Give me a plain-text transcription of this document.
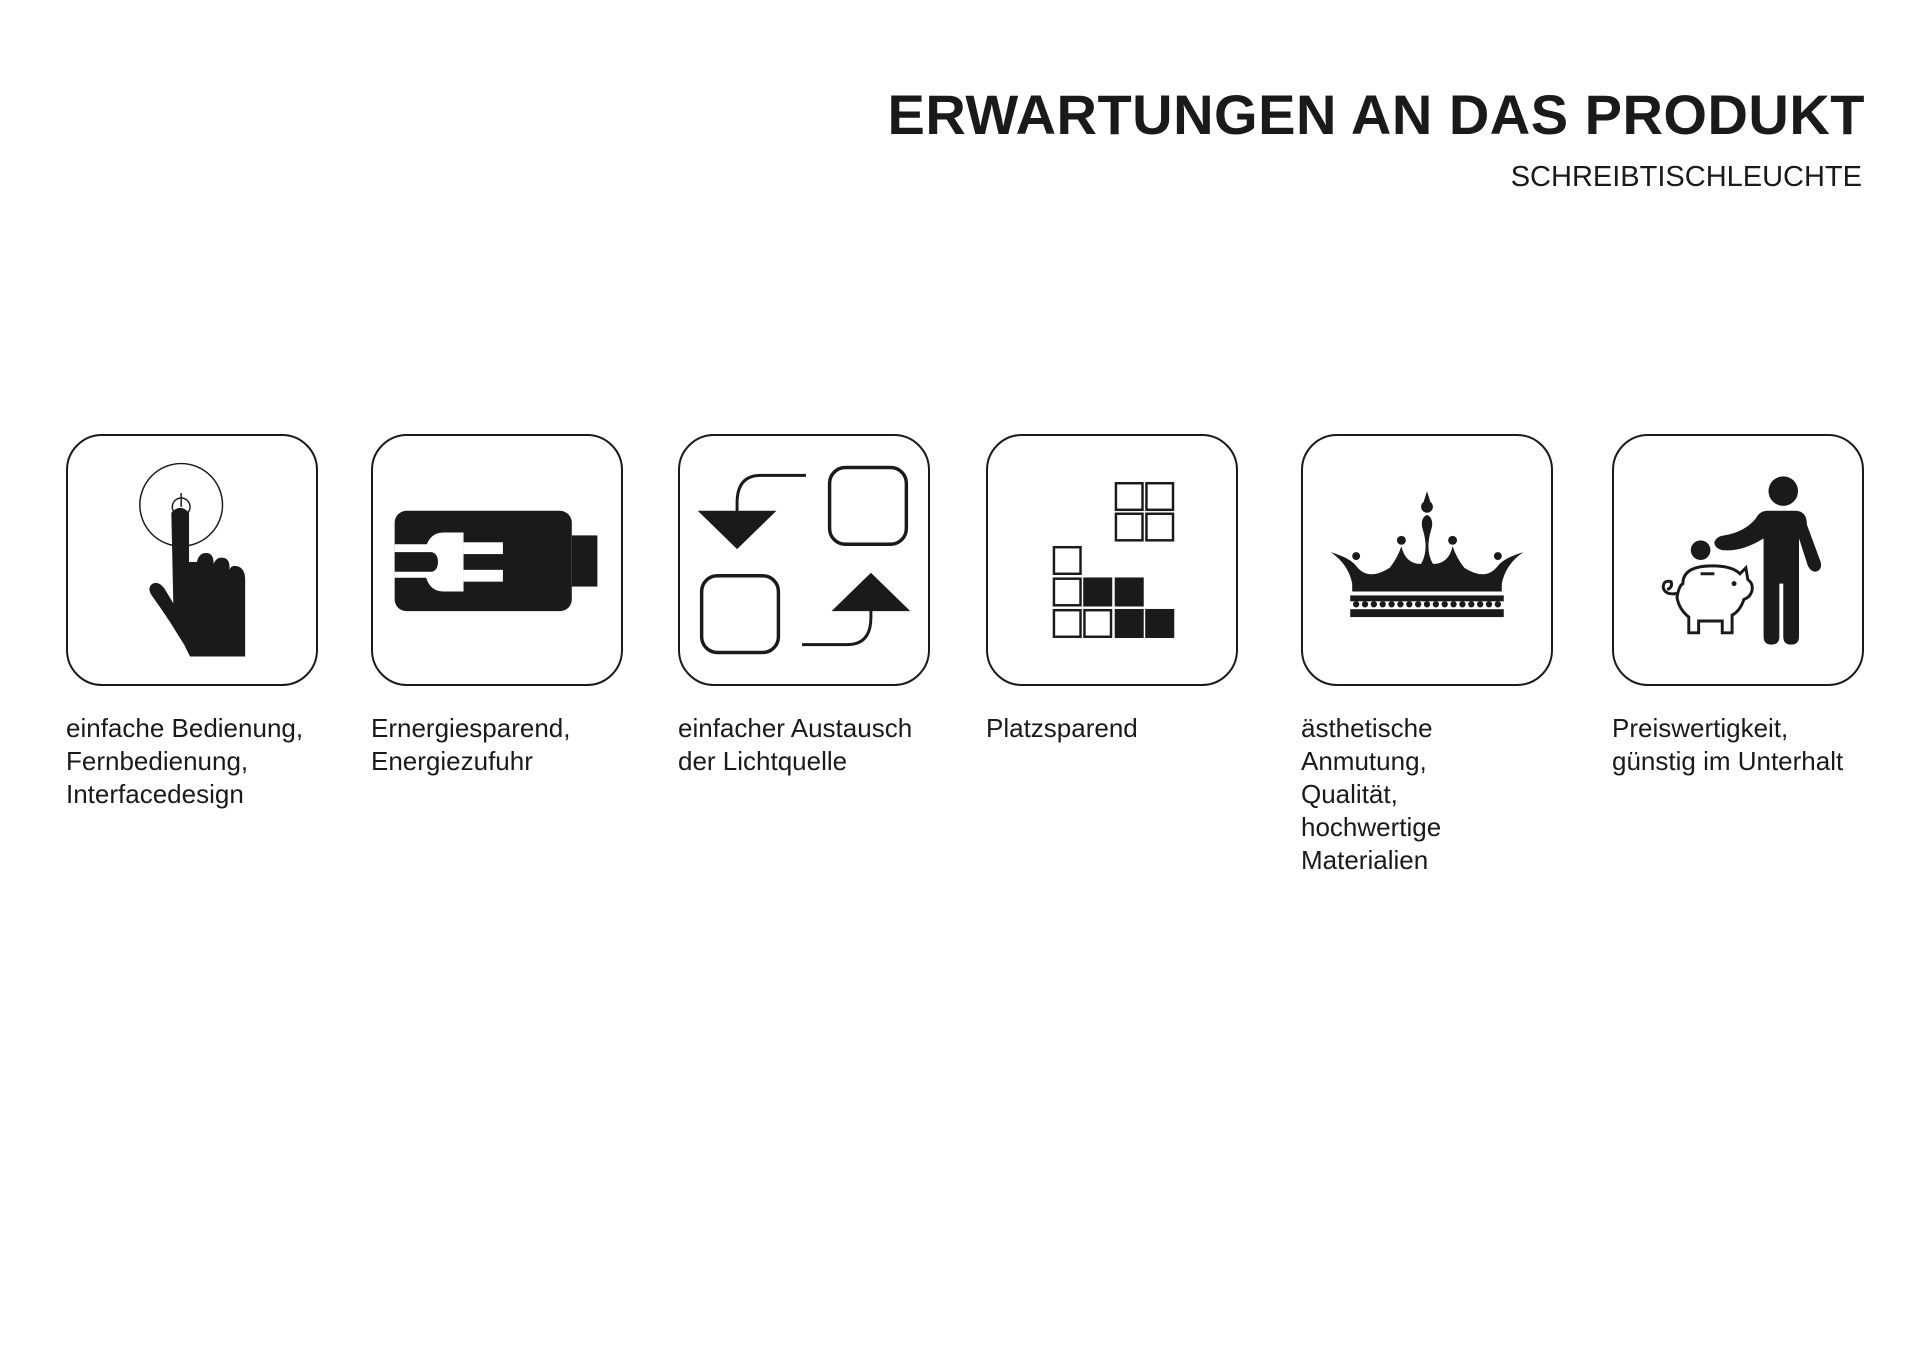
ERWARTUNGEN AN DAS PRODUKT
SCHREIBTISCHLEUCHTE
einfache Bedienung,
Fernbedienung,
Interfacedesign
Ernergiesparend,
Energiezufuhr
einfacher Austausch
der Lichtquelle
Platzsparend	ästhetische
Anmutung,
Qualität,
hochwertige
Materialien
Preiswertigkeit,
günstig im Unterhalt
